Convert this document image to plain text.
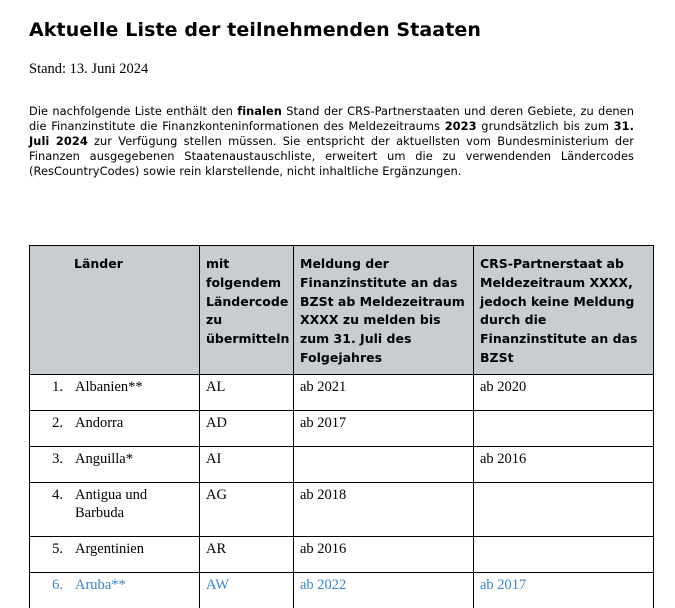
Aktuelle Liste der teilnehmenden Staaten
Stand: 13. Juni 2024
Die nachfolgende Liste enthält den finalen Stand der CRS-Partnerstaaten und deren Gebiete, zu denen die Finanzinstitute die Finanzkonteninformationen des Meldezeitraums 2023 grundsätzlich bis zum 31. Juli 2024 zur Verfügung stellen müssen. Sie entspricht der aktuellsten vom Bundesministerium der Finanzen ausgegebenen Staatenaustauschliste, erweitert um die zu verwendenden Ländercodes (ResCountryCodes) sowie rein klarstellende, nicht inhaltliche Ergänzungen.
Länder	mit folgendem Ländercode zu übermitteln	Meldung der Finanzinstitute an das BZSt ab Meldezeitraum XXXX zu melden bis zum 31. Juli des Folgejahres	CRS-Partnerstaat ab Meldezeitraum XXXX, jedoch keine Meldung durch die Finanzinstitute an das BZSt

1. Albanien**	AL	ab 2021	ab 2020

2. Andorra	AD	ab 2017	

3. Anguilla*	AI		ab 2016

4. Antigua und Barbuda	AG	ab 2018	

5. Argentinien	AR	ab 2016	

6. Aruba**	AW	ab 2022	ab 2017
